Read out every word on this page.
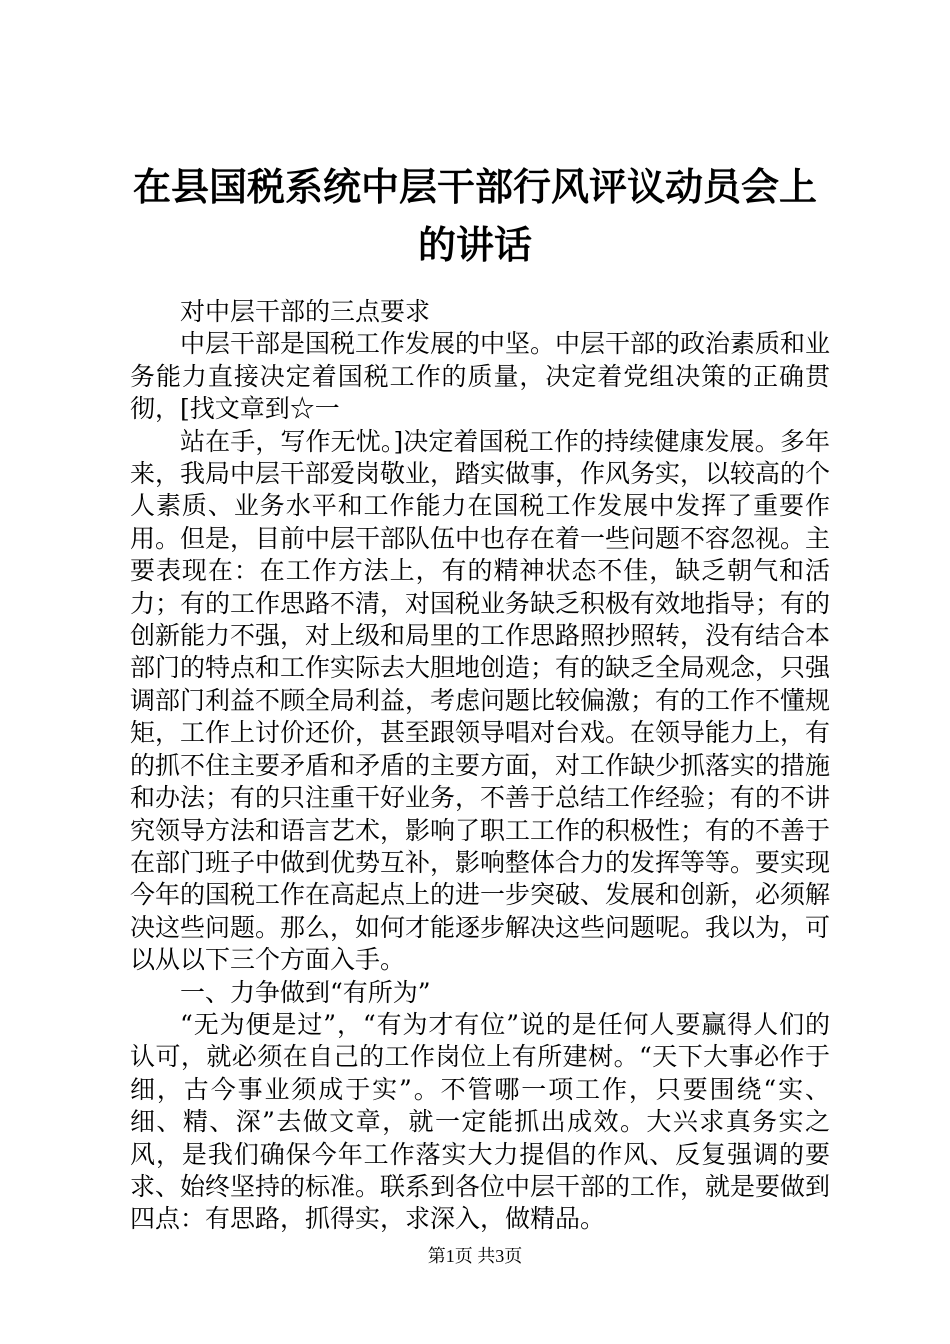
在县国税系统中层干部行风评议动员会上的讲话

对中层干部的三点要求

中层干部是国税工作发展的中坚。中层干部的政治素质和业务能力直接决定着国税工作的质量，决定着党组决策的正确贯彻，[找文章到☆一

站在手，写作无忧。]决定着国税工作的持续健康发展。多年来，我局中层干部爱岗敬业，踏实做事，作风务实，以较高的个人素质、业务水平和工作能力在国税工作发展中发挥了重要作用。但是，目前中层干部队伍中也存在着一些问题不容忽视。主要表现在：在工作方法上，有的精神状态不佳，缺乏朝气和活力；有的工作思路不清，对国税业务缺乏积极有效地指导；有的创新能力不强，对上级和局里的工作思路照抄照转，没有结合本部门的特点和工作实际去大胆地创造；有的缺乏全局观念，只强调部门利益不顾全局利益，考虑问题比较偏激；有的工作不懂规矩，工作上讨价还价，甚至跟领导唱对台戏。在领导能力上，有的抓不住主要矛盾和矛盾的主要方面，对工作缺少抓落实的措施和办法；有的只注重干好业务，不善于总结工作经验；有的不讲究领导方法和语言艺术，影响了职工工作的积极性；有的不善于在部门班子中做到优势互补，影响整体合力的发挥等等。要实现今年的国税工作在高起点上的进一步突破、发展和创新，必须解决这些问题。那么，如何才能逐步解决这些问题呢。我以为，可以从以下三个方面入手。

一、力争做到“有所为”

“无为便是过”，“有为才有位”说的是任何人要赢得人们的认可，就必须在自己的工作岗位上有所建树。“天下大事必作于细，古今事业须成于实”。不管哪一项工作，只要围绕“实、细、精、深”去做文章，就一定能抓出成效。大兴求真务实之风，是我们确保今年工作落实大力提倡的作风、反复强调的要求、始终坚持的标准。联系到各位中层干部的工作，就是要做到四点：有思路，抓得实，求深入，做精品。

第1页 共3页
